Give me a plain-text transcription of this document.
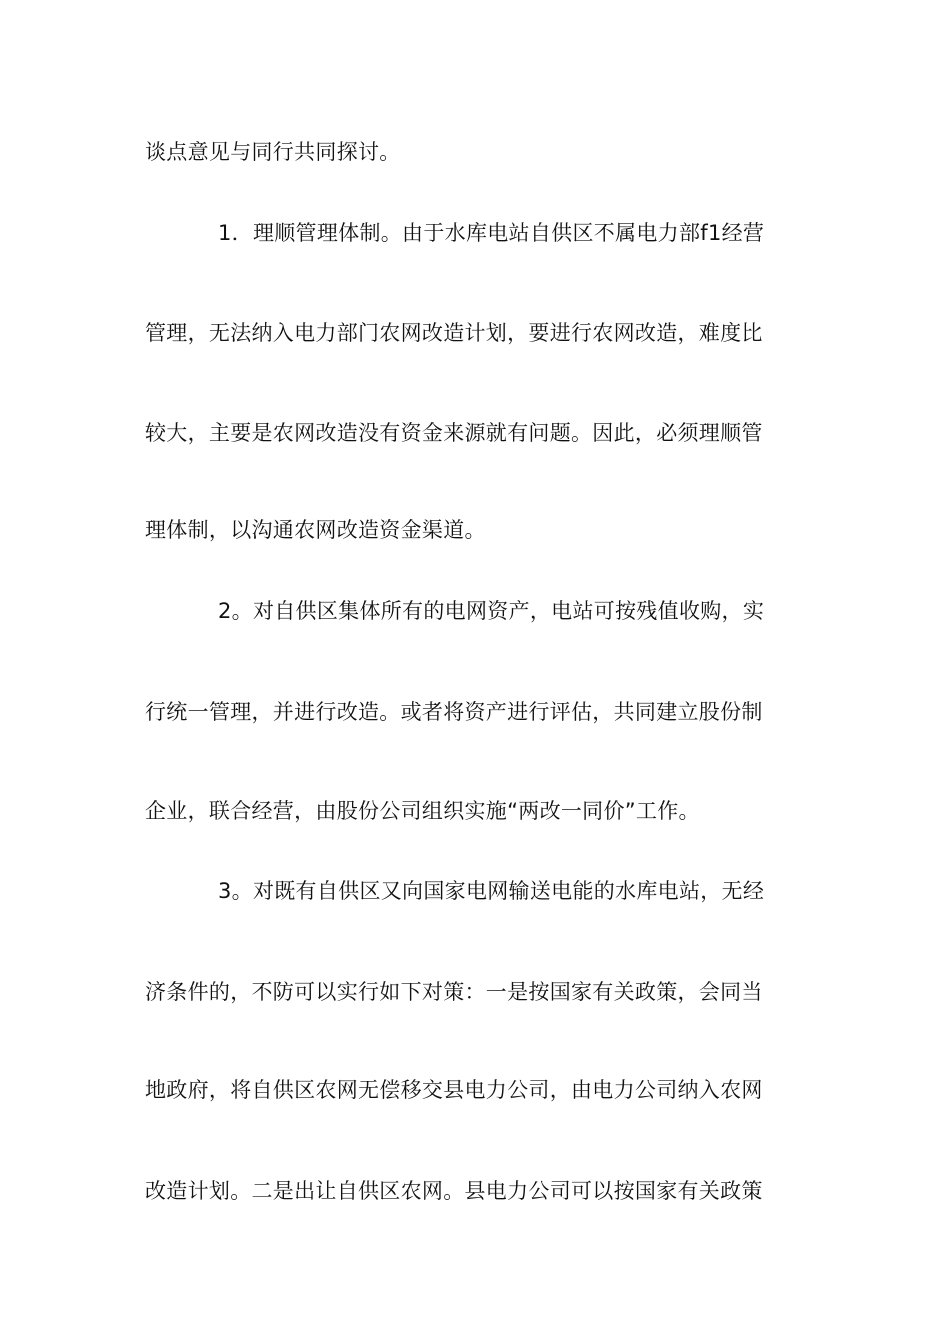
谈点意见与同行共同探讨。
1．理顺管理体制。由于水库电站自供区不属电力部f1经营
管理，无法纳入电力部门农网改造计划，要进行农网改造，难度比
较大，主要是农网改造没有资金来源就有问题。因此，必须理顺管
理体制，以沟通农网改造资金渠道。
2。对自供区集体所有的电网资产，电站可按残值收购，实
行统一管理，并进行改造。或者将资产进行评估，共同建立股份制
企业，联合经营，由股份公司组织实施“两改一同价”工作。
3。对既有自供区又向国家电网输送电能的水库电站，无经
济条件的，不防可以实行如下对策：一是按国家有关政策，会同当
地政府，将自供区农网无偿移交县电力公司，由电力公司纳入农网
改造计划。二是出让自供区农网。县电力公司可以按国家有关政策
